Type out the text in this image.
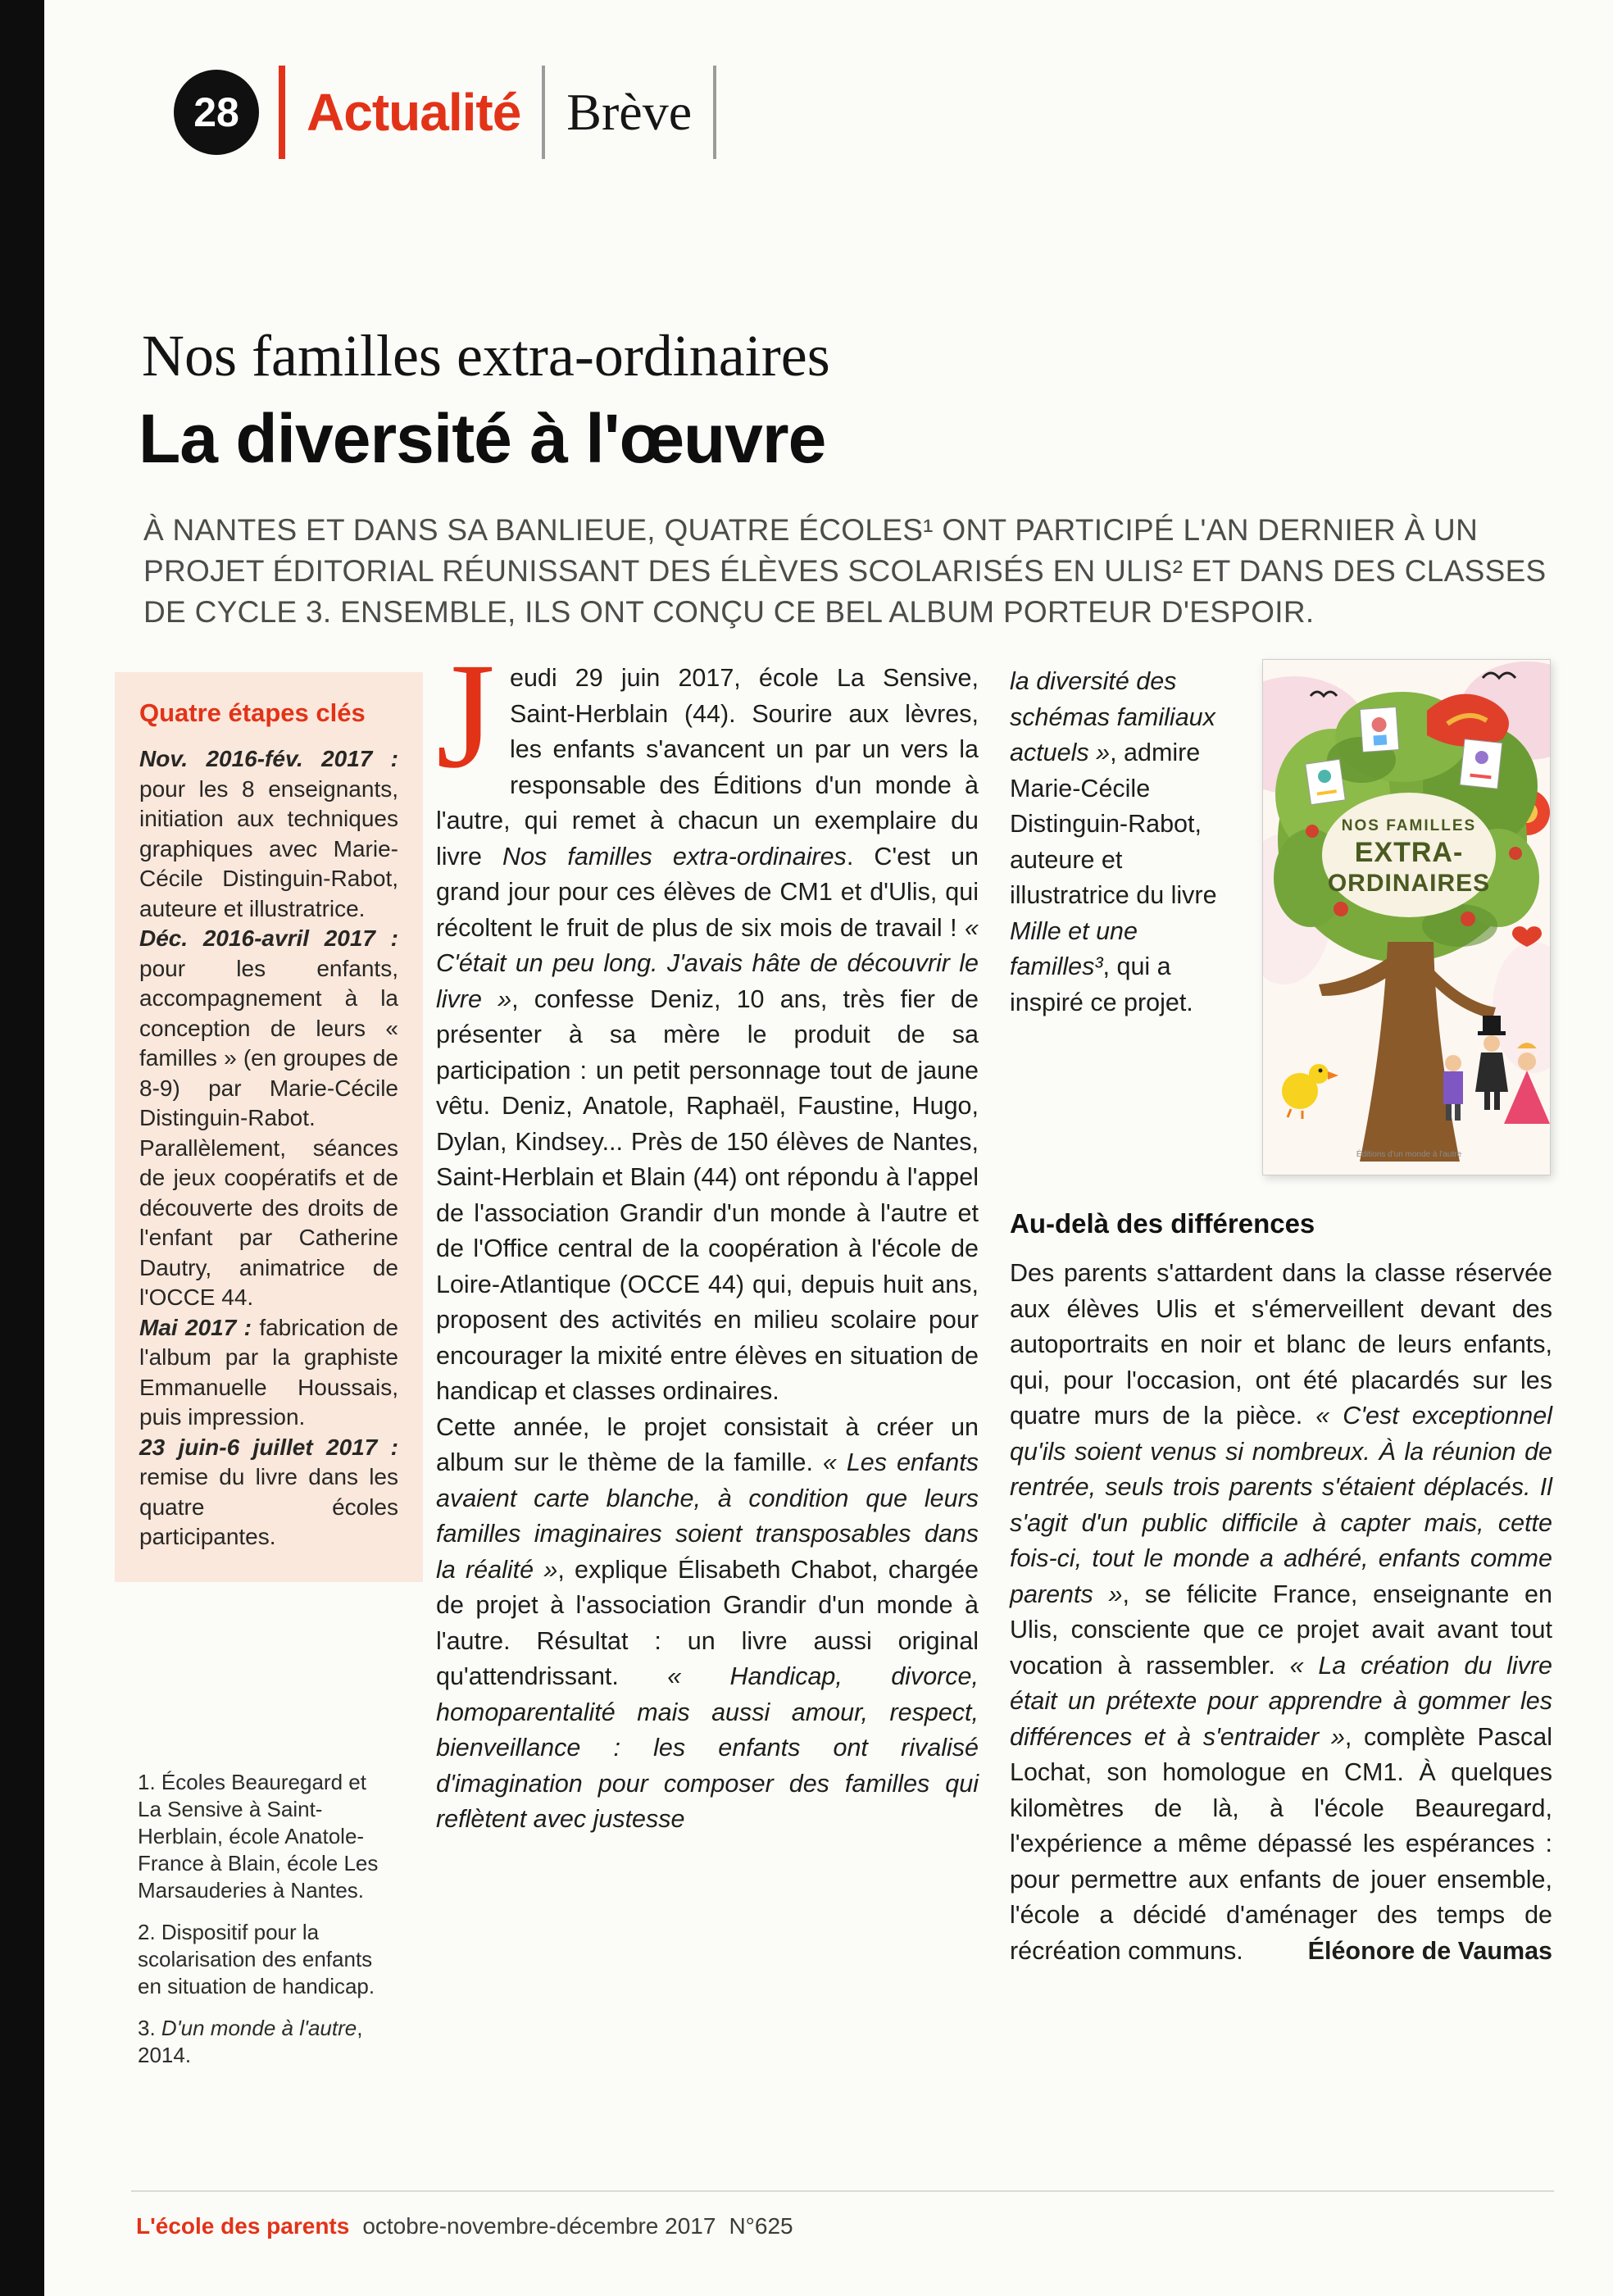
28 Actualité Brève
Nos familles extra-ordinaires
La diversité à l'œuvre

À NANTES ET DANS SA BANLIEUE, QUATRE ÉCOLES¹ ONT PARTICIPÉ L'AN DERNIER À UN PROJET ÉDITORIAL RÉUNISSANT DES ÉLÈVES SCOLARISÉS EN ULIS² ET DANS DES CLASSES DE CYCLE 3. ENSEMBLE, ILS ONT CONÇU CE BEL ALBUM PORTEUR D'ESPOIR.

Quatre étapes clés

Nov. 2016-fév. 2017 : pour les 8 enseignants, initiation aux techniques graphiques avec Marie-Cécile Distinguin-Rabot, auteure et illustratrice.

Déc. 2016-avril 2017 : pour les enfants, accompagnement à la conception de leurs « familles » (en groupes de 8-9) par Marie-Cécile Distinguin-Rabot. Parallèlement, séances de jeux coopératifs et de découverte des droits de l'enfant par Catherine Dautry, animatrice de l'OCCE 44.

Mai 2017 : fabrication de l'album par la graphiste Emmanuelle Houssais, puis impression.

23 juin-6 juillet 2017 : remise du livre dans les quatre écoles participantes.

1. Écoles Beauregard et La Sensive à Saint-Herblain, école Anatole-France à Blain, école Les Marsauderies à Nantes.

2. Dispositif pour la scolarisation des enfants en situation de handicap.

3. D'un monde à l'autre, 2014.

Jeudi 29 juin 2017, école La Sensive, Saint-Herblain (44). Sourire aux lèvres, les enfants s'avancent un par un vers la responsable des Éditions d'un monde à l'autre, qui remet à chacun un exemplaire du livre Nos familles extra-ordinaires. C'est un grand jour pour ces élèves de CM1 et d'Ulis, qui récoltent le fruit de plus de six mois de travail ! « C'était un peu long. J'avais hâte de découvrir le livre », confesse Deniz, 10 ans, très fier de présenter à sa mère le produit de sa participation : un petit personnage tout de jaune vêtu. Deniz, Anatole, Raphaël, Faustine, Hugo, Dylan, Kindsey... Près de 150 élèves de Nantes, Saint-Herblain et Blain (44) ont répondu à l'appel de l'association Grandir d'un monde à l'autre et de l'Office central de la coopération à l'école de Loire-Atlantique (OCCE 44) qui, depuis huit ans, proposent des activités en milieu scolaire pour encourager la mixité entre élèves en situation de handicap et classes ordinaires.

Cette année, le projet consistait à créer un album sur le thème de la famille. « Les enfants avaient carte blanche, à condition que leurs familles imaginaires soient transposables dans la réalité », explique Élisabeth Chabot, chargée de projet à l'association Grandir d'un monde à l'autre. Résultat : un livre aussi original qu'attendrissant. « Handicap, divorce, homoparentalité mais aussi amour, respect, bienveillance : les enfants ont rivalisé d'imagination pour composer des familles qui reflètent avec justesse

la diversité des schémas familiaux actuels », admire Marie-Cécile Distinguin-Rabot, auteure et illustratrice du livre Mille et une familles³, qui a inspiré ce projet.
NOS FAMILLES
EXTRA-
ORDINAIRES
Éditions d'un monde à l'autre
Au-delà des différences

Des parents s'attardent dans la classe réservée aux élèves Ulis et s'émerveillent devant des autoportraits en noir et blanc de leurs enfants, qui, pour l'occasion, ont été placardés sur les quatre murs de la pièce. « C'est exceptionnel qu'ils soient venus si nombreux. À la réunion de rentrée, seuls trois parents s'étaient déplacés. Il s'agit d'un public difficile à capter mais, cette fois-ci, tout le monde a adhéré, enfants comme parents », se félicite France, enseignante en Ulis, consciente que ce projet avait avant tout vocation à rassembler. « La création du livre était un prétexte pour apprendre à gommer les différences et à s'entraider », complète Pascal Lochat, son homologue en CM1. À quelques kilomètres de là, à l'école Beauregard, l'expérience a même dépassé les espérances : pour permettre aux enfants de jouer ensemble, l'école a décidé d'aménager des temps de récréation communs.	Éléonore de Vaumas

L'école des parents octobre-novembre-décembre 2017 N°625
